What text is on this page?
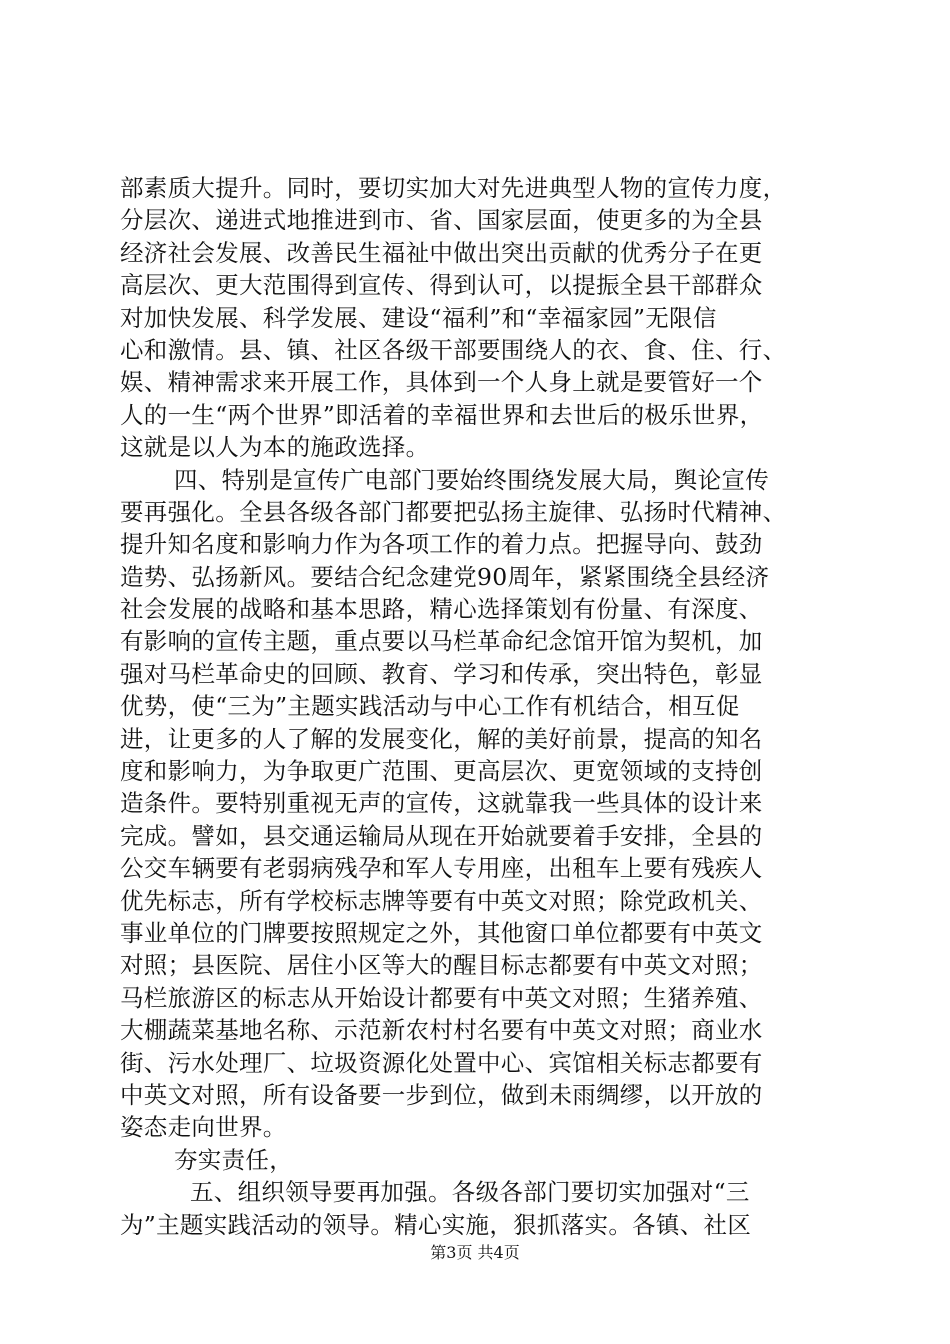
部素质大提升。同时，要切实加大对先进典型人物的宣传力度，
分层次、递进式地推进到市、省、国家层面，使更多的为全县
经济社会发展、改善民生福祉中做出突出贡献的优秀分子在更
高层次、更大范围得到宣传、得到认可，以提振全县干部群众
对加快发展、科学发展、建设“福利”和“幸福家园”无限信
心和激情。县、镇、社区各级干部要围绕人的衣、食、住、行、
娱、精神需求来开展工作，具体到一个人身上就是要管好一个
人的一生“两个世界”即活着的幸福世界和去世后的极乐世界，
这就是以人为本的施政选择。
四、特别是宣传广电部门要始终围绕发展大局，舆论宣传
要再强化。全县各级各部门都要把弘扬主旋律、弘扬时代精神、
提升知名度和影响力作为各项工作的着力点。把握导向、鼓劲
造势、弘扬新风。要结合纪念建党90周年，紧紧围绕全县经济
社会发展的战略和基本思路，精心选择策划有份量、有深度、
有影响的宣传主题，重点要以马栏革命纪念馆开馆为契机，加
强对马栏革命史的回顾、教育、学习和传承，突出特色，彰显
优势，使“三为”主题实践活动与中心工作有机结合，相互促
进，让更多的人了解的发展变化，解的美好前景，提高的知名
度和影响力，为争取更广范围、更高层次、更宽领域的支持创
造条件。要特别重视无声的宣传，这就靠我一些具体的设计来
完成。譬如，县交通运输局从现在开始就要着手安排，全县的
公交车辆要有老弱病残孕和军人专用座，出租车上要有残疾人
优先标志，所有学校标志牌等要有中英文对照；除党政机关、
事业单位的门牌要按照规定之外，其他窗口单位都要有中英文
对照；县医院、居住小区等大的醒目标志都要有中英文对照；
马栏旅游区的标志从开始设计都要有中英文对照；生猪养殖、
大棚蔬菜基地名称、示范新农村村名要有中英文对照；商业水
街、污水处理厂、垃圾资源化处置中心、宾馆相关标志都要有
中英文对照，所有设备要一步到位，做到未雨绸缪，以开放的
姿态走向世界。
夯实责任，
五、组织领导要再加强。各级各部门要切实加强对“三
为”主题实践活动的领导。精心实施，狠抓落实。各镇、社区
第3页 共4页
